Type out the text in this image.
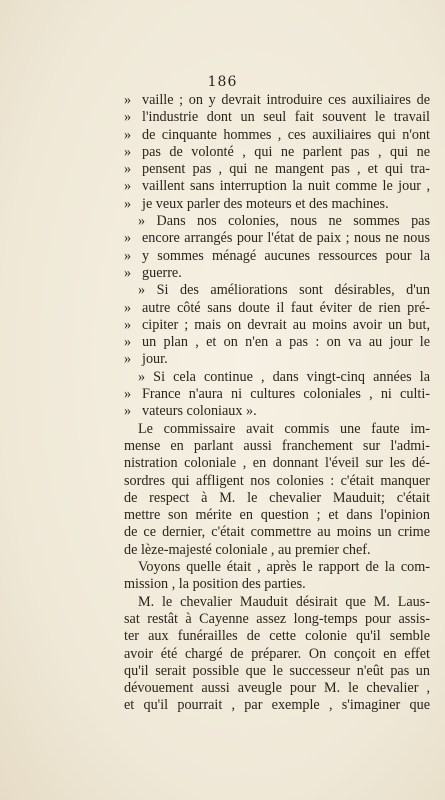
186
» vaille ; on y devrait introduire ces auxiliaires de
» l'industrie dont un seul fait souvent le travail
» de cinquante hommes , ces auxiliaires qui n'ont
» pas de volonté , qui ne parlent pas , qui ne
» pensent pas , qui ne mangent pas , et qui tra-
» vaillent sans interruption la nuit comme le jour ,
» je veux parler des moteurs et des machines.
» Dans nos colonies, nous ne sommes pas
» encore arrangés pour l'état de paix ; nous ne nous
» y sommes ménagé aucunes ressources pour la
» guerre.
» Si des améliorations sont désirables, d'un
» autre côté sans doute il faut éviter de rien pré-
» cipiter ; mais on devrait au moins avoir un but,
» un plan , et on n'en a pas : on va au jour le
» jour.
» Si cela continue , dans vingt-cinq années la
» France n'aura ni cultures coloniales , ni culti-
» vateurs coloniaux ».
Le commissaire avait commis une faute im-
mense en parlant aussi franchement sur l'admi-
nistration coloniale , en donnant l'éveil sur les dé-
sordres qui affligent nos colonies : c'était manquer
de respect à M. le chevalier Mauduit; c'était
mettre son mérite en question ; et dans l'opinion
de ce dernier, c'était commettre au moins un crime
de lèze-majesté coloniale , au premier chef.
Voyons quelle était , après le rapport de la com-
mission , la position des parties.
M. le chevalier Mauduit désirait que M. Laus-
sat restât à Cayenne assez long-temps pour assis-
ter aux funérailles de cette colonie qu'il semble
avoir été chargé de préparer. On conçoit en effet
qu'il serait possible que le successeur n'eût pas un
dévouement aussi aveugle pour M. le chevalier ,
et qu'il pourrait , par exemple , s'imaginer que
